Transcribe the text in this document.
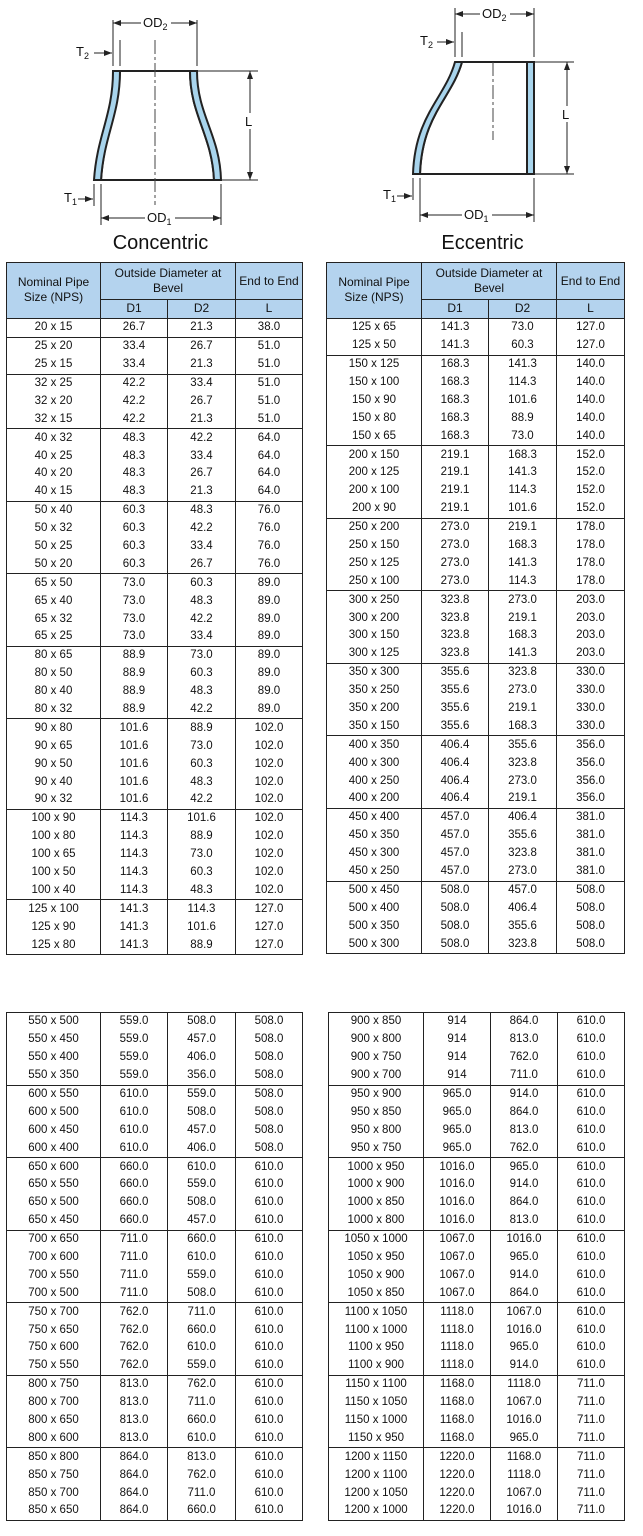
$OD_2$
$T_2$
L
$OD_1$
$T_1$
Concentric
$OD_2$
$T_2$
L
$OD_1$
$T_1$
Eccentric
Nominal Pipe Size (NPS)	Outside Diameter at Bevel		End to End
	D1	D2	L
20 x 15	26.7	21.3	38.0
25 x 20	33.4	26.7	51.0
25 x 15	33.4	21.3	51.0
32 x 25	42.2	33.4	51.0
32 x 20	42.2	26.7	51.0
32 x 15	42.2	21.3	51.0
40 x 32	48.3	42.2	64.0
40 x 25	48.3	33.4	64.0
40 x 20	48.3	26.7	64.0
40 x 15	48.3	21.3	64.0
50 x 40	60.3	48.3	76.0
50 x 32	60.3	42.2	76.0
50 x 25	60.3	33.4	76.0
50 x 20	60.3	26.7	76.0
65 x 50	73.0	60.3	89.0
65 x 40	73.0	48.3	89.0
65 x 32	73.0	42.2	89.0
65 x 25	73.0	33.4	89.0
80 x 65	88.9	73.0	89.0
80 x 50	88.9	60.3	89.0
80 x 40	88.9	48.3	89.0
80 x 32	88.9	42.2	89.0
90 x 80	101.6	88.9	102.0
90 x 65	101.6	73.0	102.0
90 x 50	101.6	60.3	102.0
90 x 40	101.6	48.3	102.0
90 x 32	101.6	42.2	102.0
100 x 90	114.3	101.6	102.0
100 x 80	114.3	88.9	102.0
100 x 65	114.3	73.0	102.0
100 x 50	114.3	60.3	102.0
100 x 40	114.3	48.3	102.0
125 x 100	141.3	114.3	127.0
125 x 90	141.3	101.6	127.0
125 x 80	141.3	88.9	127.0
Nominal Pipe Size (NPS)	Outside Diameter at Bevel		End to End
	D1	D2	L
125 x 65	141.3	73.0	127.0
125 x 50	141.3	60.3	127.0
150 x 125	168.3	141.3	140.0
150 x 100	168.3	114.3	140.0
150 x 90	168.3	101.6	140.0
150 x 80	168.3	88.9	140.0
150 x 65	168.3	73.0	140.0
200 x 150	219.1	168.3	152.0
200 x 125	219.1	141.3	152.0
200 x 100	219.1	114.3	152.0
200 x 90	219.1	101.6	152.0
250 x 200	273.0	219.1	178.0
250 x 150	273.0	168.3	178.0
250 x 125	273.0	141.3	178.0
250 x 100	273.0	114.3	178.0
300 x 250	323.8	273.0	203.0
300 x 200	323.8	219.1	203.0
300 x 150	323.8	168.3	203.0
300 x 125	323.8	141.3	203.0
350 x 300	355.6	323.8	330.0
350 x 250	355.6	273.0	330.0
350 x 200	355.6	219.1	330.0
350 x 150	355.6	168.3	330.0
400 x 350	406.4	355.6	356.0
400 x 300	406.4	323.8	356.0
400 x 250	406.4	273.0	356.0
400 x 200	406.4	219.1	356.0
450 x 400	457.0	406.4	381.0
450 x 350	457.0	355.6	381.0
450 x 300	457.0	323.8	381.0
450 x 250	457.0	273.0	381.0
500 x 450	508.0	457.0	508.0
500 x 400	508.0	406.4	508.0
500 x 350	508.0	355.6	508.0
500 x 300	508.0	323.8	508.0
550 x 500	559.0	508.0	508.0
550 x 450	559.0	457.0	508.0
550 x 400	559.0	406.0	508.0
550 x 350	559.0	356.0	508.0
600 x 550	610.0	559.0	508.0
600 x 500	610.0	508.0	508.0
600 x 450	610.0	457.0	508.0
600 x 400	610.0	406.0	508.0
650 x 600	660.0	610.0	610.0
650 x 550	660.0	559.0	610.0
650 x 500	660.0	508.0	610.0
650 x 450	660.0	457.0	610.0
700 x 650	711.0	660.0	610.0
700 x 600	711.0	610.0	610.0
700 x 550	711.0	559.0	610.0
700 x 500	711.0	508.0	610.0
750 x 700	762.0	711.0	610.0
750 x 650	762.0	660.0	610.0
750 x 600	762.0	610.0	610.0
750 x 550	762.0	559.0	610.0
800 x 750	813.0	762.0	610.0
800 x 700	813.0	711.0	610.0
800 x 650	813.0	660.0	610.0
800 x 600	813.0	610.0	610.0
850 x 800	864.0	813.0	610.0
850 x 750	864.0	762.0	610.0
850 x 700	864.0	711.0	610.0
850 x 650	864.0	660.0	610.0
900 x 850	914	864.0	610.0
900 x 800	914	813.0	610.0
900 x 750	914	762.0	610.0
900 x 700	914	711.0	610.0
950 x 900	965.0	914.0	610.0
950 x 850	965.0	864.0	610.0
950 x 800	965.0	813.0	610.0
950 x 750	965.0	762.0	610.0
1000 x 950	1016.0	965.0	610.0
1000 x 900	1016.0	914.0	610.0
1000 x 850	1016.0	864.0	610.0
1000 x 800	1016.0	813.0	610.0
1050 x 1000	1067.0	1016.0	610.0
1050 x 950	1067.0	965.0	610.0
1050 x 900	1067.0	914.0	610.0
1050 x 850	1067.0	864.0	610.0
1100 x 1050	1118.0	1067.0	610.0
1100 x 1000	1118.0	1016.0	610.0
1100 x 950	1118.0	965.0	610.0
1100 x 900	1118.0	914.0	610.0
1150 x 1100	1168.0	1118.0	711.0
1150 x 1050	1168.0	1067.0	711.0
1150 x 1000	1168.0	1016.0	711.0
1150 x 950	1168.0	965.0	711.0
1200 x 1150	1220.0	1168.0	711.0
1200 x 1100	1220.0	1118.0	711.0
1200 x 1050	1220.0	1067.0	711.0
1200 x 1000	1220.0	1016.0	711.0
